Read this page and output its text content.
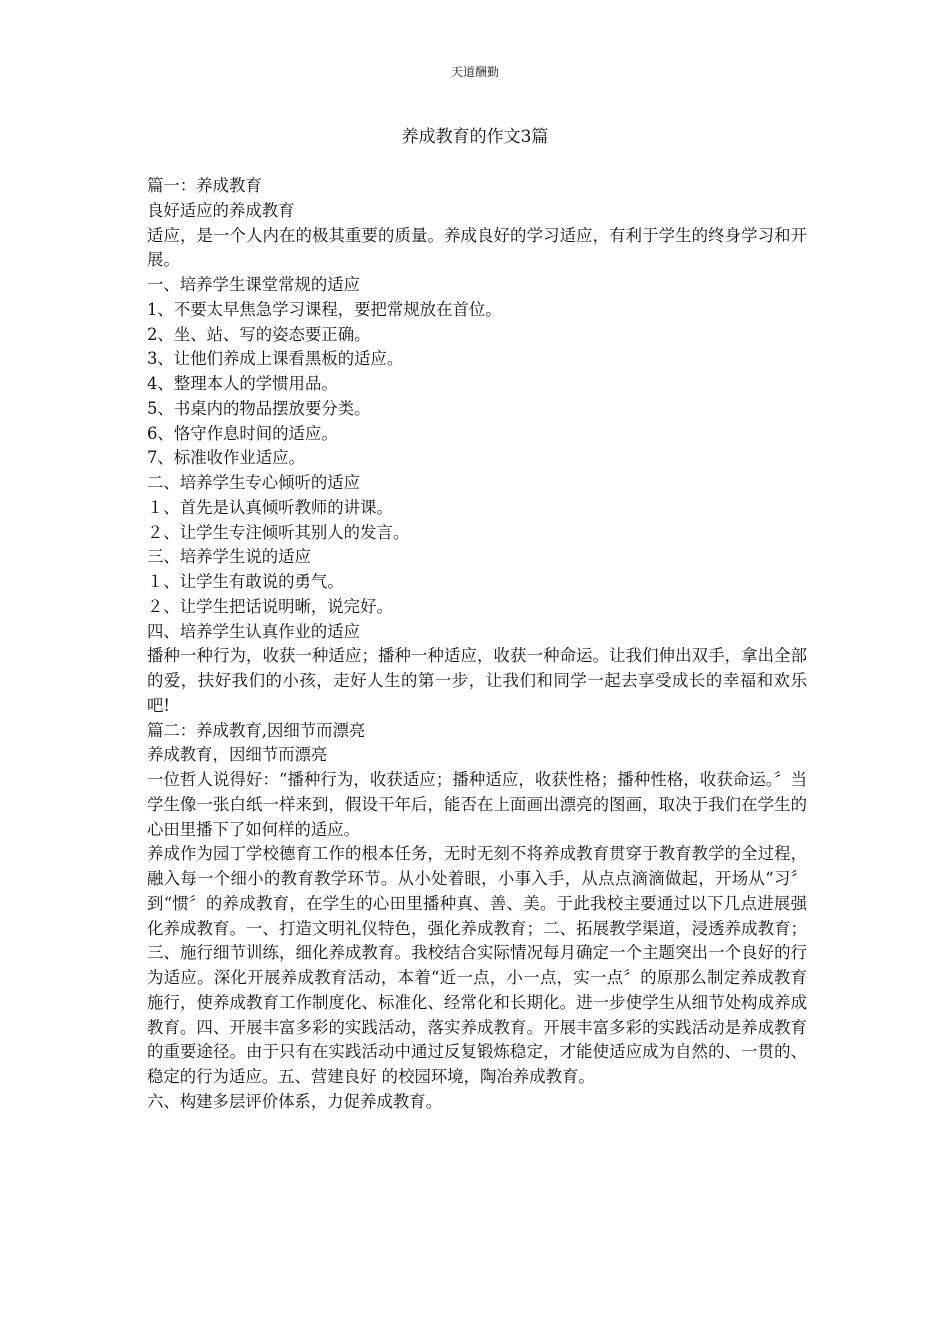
天道酬勤
养成教育的作文3篇

篇一：养成教育

良好适应的养成教育

适应，是一个人内在的极其重要的质量。养成良好的学习适应，有利于学生的终身学习和开展。

一、培养学生课堂常规的适应

1、不要太早焦急学习课程，要把常规放在首位。

2、坐、站、写的姿态要正确。

3、让他们养成上课看黑板的适应。

4、整理本人的学惯用品。

5、书桌内的物品摆放要分类。

6、恪守作息时间的适应。

7、标准收作业适应。

二、培养学生专心倾听的适应

１、首先是认真倾听教师的讲课。

２、让学生专注倾听其别人的发言。

三、培养学生说的适应

１、让学生有敢说的勇气。

２、让学生把话说明晰，说完好。

四、培养学生认真作业的适应

播种一种行为，收获一种适应；播种一种适应，收获一种命运。让我们伸出双手，拿出全部的爱，扶好我们的小孩，走好人生的第一步，让我们和同学一起去享受成长的幸福和欢乐吧!

篇二：养成教育,因细节而漂亮

养成教育，因细节而漂亮

一位哲人说得好：“播种行为，收获适应；播种适应，收获性格；播种性格，收获命运。〞当学生像一张白纸一样来到，假设干年后，能否在上面画出漂亮的图画，取决于我们在学生的心田里播下了如何样的适应。

养成作为园丁学校德育工作的根本任务，无时无刻不将养成教育贯穿于教育教学的全过程，融入每一个细小的教育教学环节。从小处着眼，小事入手，从点点滴滴做起，开场从“习〞到“惯〞的养成教育，在学生的心田里播种真、善、美。于此我校主要通过以下几点进展强化养成教育。一、打造文明礼仪特色，强化养成教育；二、拓展教学渠道，浸透养成教育；三、施行细节训练，细化养成教育。我校结合实际情况每月确定一个主题突出一个良好的行为适应。深化开展养成教育活动，本着“近一点，小一点，实一点〞的原那么制定养成教育施行，使养成教育工作制度化、标准化、经常化和长期化。进一步使学生从细节处构成养成教育。四、开展丰富多彩的实践活动，落实养成教育。开展丰富多彩的实践活动是养成教育的重要途径。由于只有在实践活动中通过反复锻炼稳定，才能使适应成为自然的、一贯的、稳定的行为适应。五、营建良好 的校园环境，陶冶养成教育。

六、构建多层评价体系，力促养成教育。
